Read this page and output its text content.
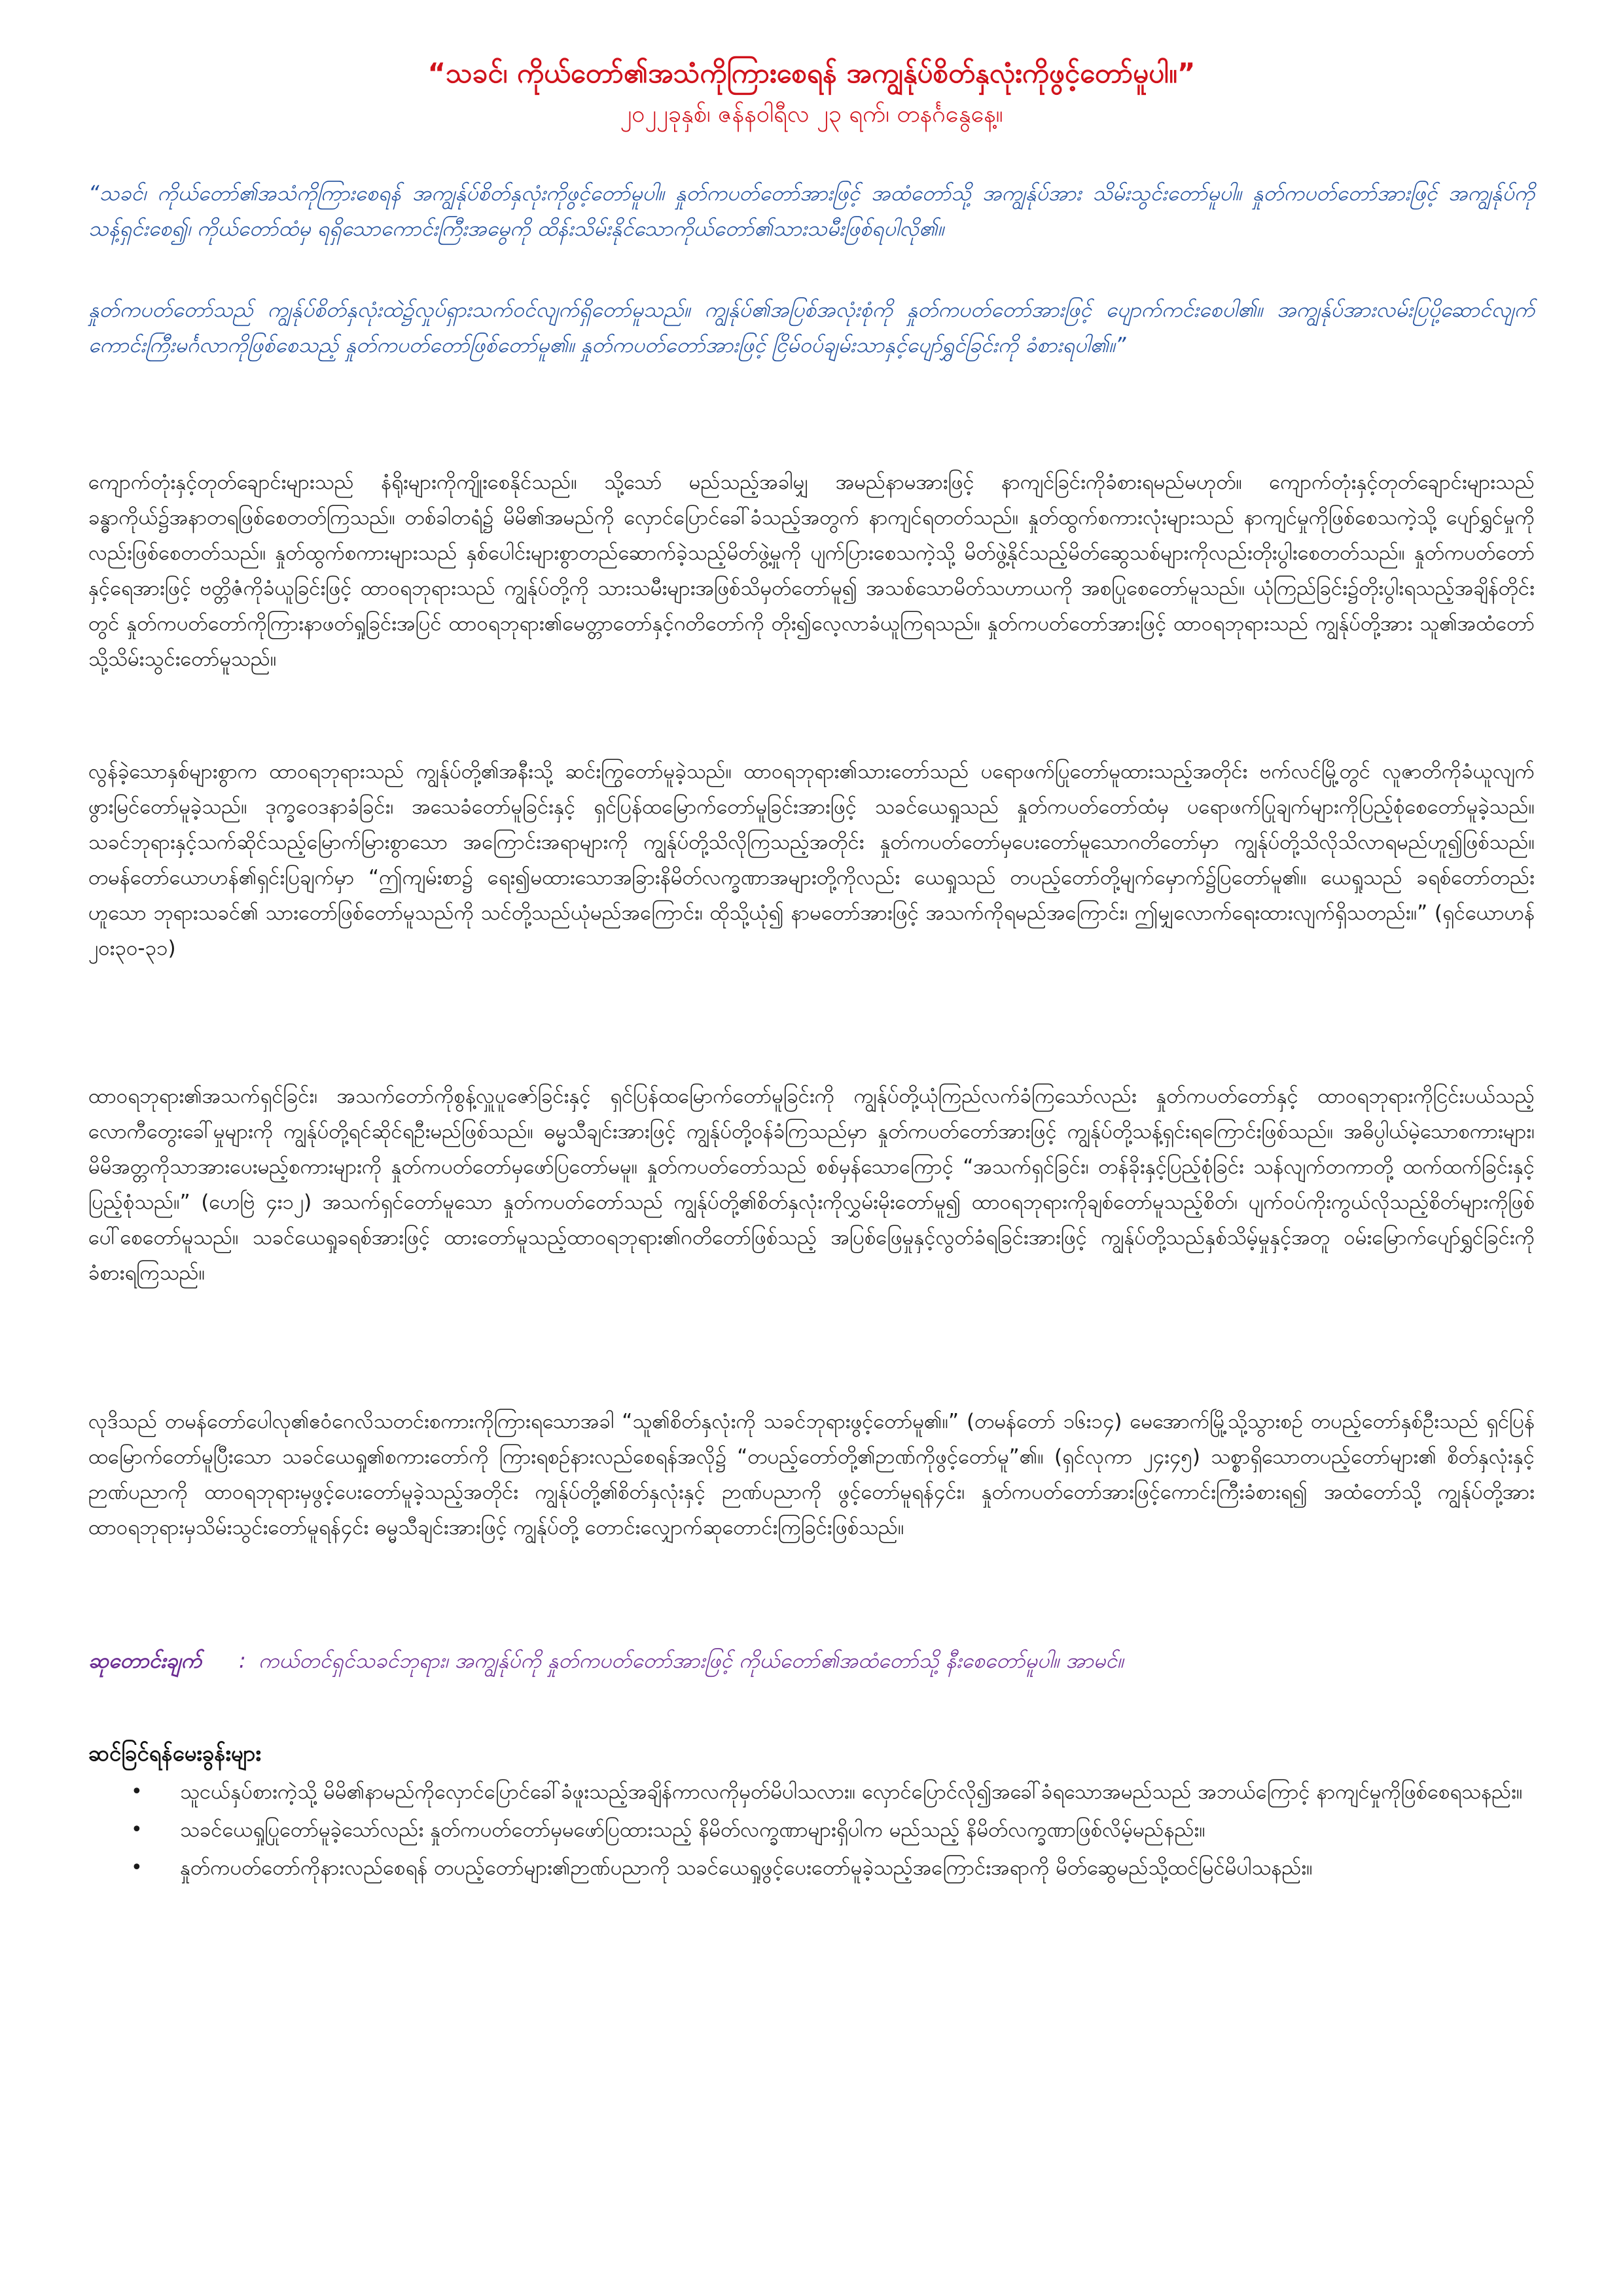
“သခင်၊ ကိုယ်တော်၏အသံကိုကြားစေရန် အကျွန်ုပ်စိတ်နှလုံးကိုဖွင့်တော်မူပါ။”
၂၀၂၂ခုနှစ်၊ ဇန်နဝါရီလ ၂၃ ရက်၊ တနင်္ဂနွေနေ့။
“သခင်၊ ကိုယ်တော်၏အသံကိုကြားစေရန် အကျွန်ုပ်စိတ်နှလုံးကိုဖွင့်တော်မူပါ။ နှုတ်ကပတ်တော်အားဖြင့် အထံတော်သို့ အကျွန်ုပ်အား သိမ်းသွင်းတော်မူပါ။ နှုတ်ကပတ်တော်အားဖြင့် အကျွန်ုပ်ကို သန့်ရှင်းစေ၍၊ ကိုယ်တော်ထံမှ ရရှိသောကောင်းကြီးအမွေကို ထိန်းသိမ်းနိုင်သောကိုယ်တော်၏သားသမီးဖြစ်ရပါလို၏။
နှုတ်ကပတ်တော်သည် ကျွန်ုပ်စိတ်နှလုံးထဲ၌လှုပ်ရှားသက်ဝင်လျက်ရှိတော်မူသည်။ ကျွန်ုပ်၏အပြစ်အလုံးစုံကို နှုတ်ကပတ်တော်အားဖြင့် ပျောက်ကင်းစေပါ၏။ အကျွန်ုပ်အားလမ်းပြပို့ဆောင်လျက် ကောင်းကြီးမင်္ဂလာကိုဖြစ်စေသည့် နှုတ်ကပတ်တော်ဖြစ်တော်မူ၏။ နှုတ်ကပတ်တော်အားဖြင့် ငြိမ်ဝပ်ချမ်းသာနှင့်ပျော်ရွှင်ခြင်းကို ခံစားရပါ၏။”
ကျောက်တုံးနှင့်တုတ်ချောင်းများသည် နံရိုးများကိုကျိုးစေနိုင်သည်။ သို့သော် မည်သည့်အခါမျှ အမည်နာမအားဖြင့် နာကျင်ခြင်းကိုခံစားရမည်မဟုတ်။ ကျောက်တုံးနှင့်တုတ်ချောင်းများသည် ခန္ဓာကိုယ်၌အနာတရဖြစ်စေတတ်ကြသည်။ တစ်ခါတရံ၌ မိမိ၏အမည်ကို လှောင်ပြောင်ခေါ်ခံသည့်အတွက် နာကျင်ရတတ်သည်။ နှုတ်ထွက်စကားလုံးများသည် နာကျင်မှုကိုဖြစ်စေသကဲ့သို့ ပျော်ရွှင်မှုကိုလည်းဖြစ်စေတတ်သည်။ နှုတ်ထွက်စကားများသည် နှစ်ပေါင်းများစွာတည်ဆောက်ခဲ့သည့်မိတ်ဖွဲ့မှုကို ပျက်ပြားစေသကဲ့သို့ မိတ်ဖွဲ့နိုင်သည့်မိတ်ဆွေသစ်များကိုလည်းတိုးပွါးစေတတ်သည်။ နှုတ်ကပတ်တော်နှင့်ရေအားဖြင့် ဗတ္တိဇံကိုခံယူခြင်းဖြင့် ထာဝရဘုရားသည် ကျွန်ုပ်တို့ကို သားသမီးများအဖြစ်သိမှတ်တော်မူ၍ အသစ်သောမိတ်သဟာယကို အစပြုစေတော်မူသည်။ ယုံကြည်ခြင်း၌တိုးပွါးရသည့်အချိန်တိုင်းတွင် နှုတ်ကပတ်တော်ကိုကြားနာဖတ်ရှုခြင်းအပြင် ထာဝရဘုရား၏မေတ္တာတော်နှင့်ဂတိတော်ကို တိုး၍လေ့လာခံယူကြရသည်။ နှုတ်ကပတ်တော်အားဖြင့် ထာဝရဘုရားသည် ကျွန်ုပ်တို့အား သူ၏အထံတော်သို့သိမ်းသွင်းတော်မူသည်။
လွန်ခဲ့သောနှစ်များစွာက ထာဝရဘုရားသည် ကျွန်ုပ်တို့၏အနီးသို့ ဆင်းကြွတော်မူခဲ့သည်။ ထာဝရဘုရား၏သားတော်သည် ပရောဖက်ပြုတော်မူထားသည့်အတိုင်း ဗက်လင်မြို့တွင် လူဇာတိကိုခံယူလျက် ဖွားမြင်တော်မူခဲ့သည်။ ဒုက္ခဝေဒနာခံခြင်း၊ အသေခံတော်မူခြင်းနှင့် ရှင်ပြန်ထမြောက်တော်မူခြင်းအားဖြင့် သခင်ယေရှုသည် နှုတ်ကပတ်တော်ထံမှ ပရောဖက်ပြုချက်များကိုပြည့်စုံစေတော်မူခဲ့သည်။ သခင်ဘုရားနှင့်သက်ဆိုင်သည့်မြောက်မြားစွာသော အကြောင်းအရာများကို ကျွန်ုပ်တို့သိလိုကြသည့်အတိုင်း နှုတ်ကပတ်တော်မှပေးတော်မူသောဂတိတော်မှာ ကျွန်ုပ်တို့သိလိုသိလာရမည်ဟူ၍ဖြစ်သည်။ တမန်တော်ယောဟန်၏ရှင်းပြချက်မှာ “ဤကျမ်းစာ၌ ရေး၍မထားသောအခြားနိမိတ်လက္ခဏာအများတို့ကိုလည်း ယေရှုသည် တပည့်တော်တို့မျက်မှောက်၌ပြတော်မူ၏။ ယေရှုသည် ခရစ်တော်တည်းဟူသော ဘုရားသခင်၏ သားတော်ဖြစ်တော်မူသည်ကို သင်တို့သည်ယုံမည်အကြောင်း၊ ထိုသို့ယုံ၍ နာမတော်အားဖြင့် အသက်ကိုရမည်အကြောင်း၊ ဤမျှလောက်ရေးထားလျက်ရှိသတည်း။” (ရှင်ယောဟန် ၂၀း၃၀-၃၁)
ထာဝရဘုရား၏အသက်ရှင်ခြင်း၊ အသက်တော်ကိုစွန့်လှူပူဇော်ခြင်းနှင့် ရှင်ပြန်ထမြောက်တော်မူခြင်းကို ကျွန်ုပ်တို့ယုံကြည်လက်ခံကြသော်လည်း နှုတ်ကပတ်တော်နှင့် ထာဝရဘုရားကိုငြင်းပယ်သည့် လောကီတွေးခေါ်မှုများကို ကျွန်ုပ်တို့ရင်ဆိုင်ရဦးမည်ဖြစ်သည်။ ဓမ္မသီချင်းအားဖြင့် ကျွန်ုပ်တို့ဝန်ခံကြသည်မှာ နှုတ်ကပတ်တော်အားဖြင့် ကျွန်ုပ်တို့သန့်ရှင်းရကြောင်းဖြစ်သည်။ အဓိပ္ပါယ်မဲ့သောစကားများ၊ မိမိအတ္တကိုသာအားပေးမည့်စကားများကို နှုတ်ကပတ်တော်မှဖော်ပြတော်မမူ။ နှုတ်ကပတ်တော်သည် စစ်မှန်သောကြောင့် “အသက်ရှင်ခြင်း၊ တန်ခိုးနှင့်ပြည့်စုံခြင်း သန်လျက်တကာတို့ ထက်ထက်ခြင်းနှင့်ပြည့်စုံသည်။” (ဟေဗြဲ ၄း၁၂) အသက်ရှင်တော်မူသော နှုတ်ကပတ်တော်သည် ကျွန်ုပ်တို့၏စိတ်နှလုံးကိုလွှမ်းမိုးတော်မူ၍ ထာဝရဘုရားကိုချစ်တော်မူသည့်စိတ်၊ ပျက်ဝပ်ကိုးကွယ်လိုသည့်စိတ်များကိုဖြစ်ပေါ်စေတော်မူသည်။ သခင်ယေရှုခရစ်အားဖြင့် ထားတော်မူသည့်ထာဝရဘုရား၏ဂတိတော်ဖြစ်သည့် အပြစ်ဖြေမှုနှင့်လွတ်ခံရခြင်းအားဖြင့် ကျွန်ုပ်တို့သည်နှစ်သိမ့်မှုနှင့်အတူ ဝမ်းမြောက်ပျော်ရွှင်ခြင်းကို ခံစားရကြသည်။
လုဒိသည် တမန်တော်ပေါလု၏ဧဝံဂေလိသတင်းစကားကိုကြားရသောအခါ “သူ၏စိတ်နှလုံးကို သခင်ဘုရားဖွင့်တော်မူ၏။” (တမန်တော် ၁၆း၁၄) မေအောက်မြို့သို့သွားစဉ် တပည့်တော်နှစ်ဦးသည် ရှင်ပြန်ထမြောက်တော်မူပြီးသော သခင်ယေရှု၏စကားတော်ကို ကြားရစဉ်နားလည်စေရန်အလို၌ “တပည့်တော်တို့၏ဉာဏ်ကိုဖွင့်တော်မူ”၏။ (ရှင်လုကာ ၂၄း၄၅) သစ္စာရှိသောတပည့်တော်များ၏ စိတ်နှလုံးနှင့်ဉာဏ်ပညာကို ထာဝရဘုရားမှဖွင့်ပေးတော်မူခဲ့သည့်အတိုင်း ကျွန်ုပ်တို့၏စိတ်နှလုံးနှင့် ဉာဏ်ပညာကို ဖွင့်တော်မူရန်၄င်း၊ နှုတ်ကပတ်တော်အားဖြင့်ကောင်းကြီးခံစားရ၍ အထံတော်သို့ ကျွန်ုပ်တို့အား ထာဝရဘုရားမှသိမ်းသွင်းတော်မူရန်၄င်း ဓမ္မသီချင်းအားဖြင့် ကျွန်ုပ်တို့ တောင်းလျှောက်ဆုတောင်းကြခြင်းဖြစ်သည်။
ဆုတောင်းချက် : ကယ်တင်ရှင်သခင်ဘုရား၊ အကျွန်ုပ်ကို နှုတ်ကပတ်တော်အားဖြင့် ကိုယ်တော်၏အထံတော်သို့ နီးစေတော်မူပါ။ အာမင်။
ဆင်ခြင်ရန်မေးခွန်းများ
• သူငယ်နှပ်စားကဲ့သို့ မိမိ၏နာမည်ကိုလှောင်ပြောင်ခေါ်ခံဖူးသည့်အချိန်ကာလကိုမှတ်မိပါသလား။ လှောင်ပြောင်လို၍အခေါ်ခံရသောအမည်သည် အဘယ်ကြောင့် နာကျင်မှုကိုဖြစ်စေရသနည်း။
• သခင်ယေရှုပြုတော်မူခဲ့သော်လည်း နှုတ်ကပတ်တော်မှမဖော်ပြထားသည့် နိမိတ်လက္ခဏာများရှိပါက မည်သည့် နိမိတ်လက္ခဏာဖြစ်လိမ့်မည်နည်း။
• နှုတ်ကပတ်တော်ကိုနားလည်စေရန် တပည့်တော်များ၏ဉာဏ်ပညာကို သခင်ယေရှုဖွင့်ပေးတော်မူခဲ့သည့်အကြောင်းအရာကို မိတ်ဆွေမည်သို့ထင်မြင်မိပါသနည်း။
